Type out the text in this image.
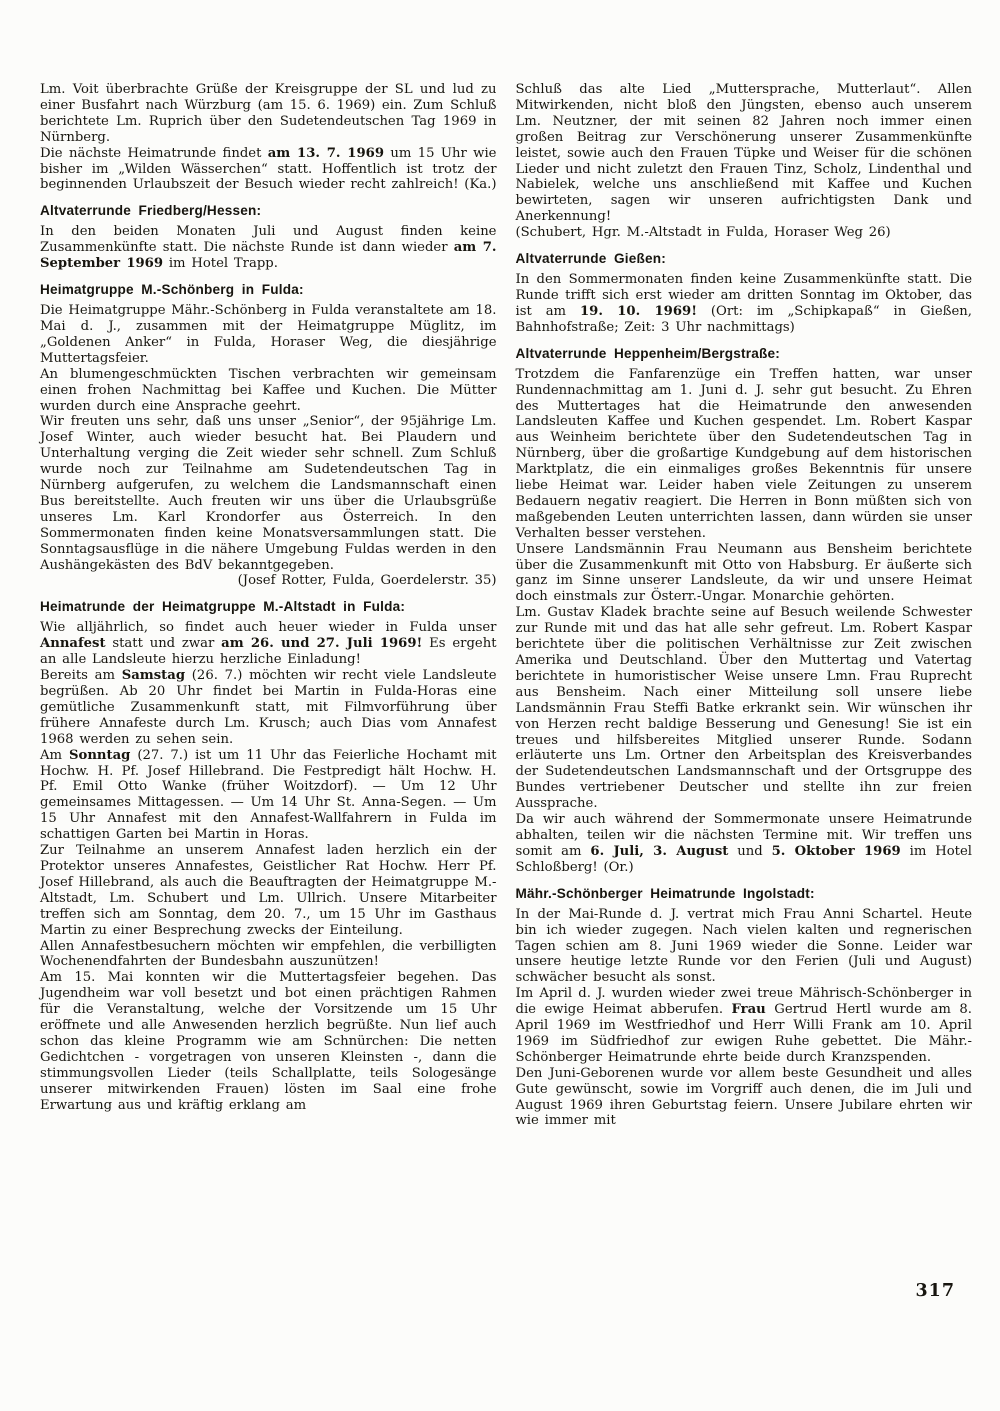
Lm. Voit überbrachte Grüße der Kreisgruppe der SL und lud zu einer Busfahrt nach Würzburg (am 15. 6. 1969) ein. Zum Schluß berichtete Lm. Ruprich über den Sudetendeutschen Tag 1969 in Nürnberg.

Die nächste Heimatrunde findet am 13. 7. 1969 um 15 Uhr wie bisher im „Wilden Wässerchen“ statt. Hoffentlich ist trotz der beginnenden Urlaubszeit der Besuch wieder recht zahlreich! (Ka.)

Altvaterrunde Friedberg/Hessen:

In den beiden Monaten Juli und August finden keine Zusammenkünfte statt. Die nächste Runde ist dann wieder am 7. September 1969 im Hotel Trapp.

Heimatgruppe M.-Schönberg in Fulda:

Die Heimatgruppe Mähr.-Schönberg in Fulda veranstaltete am 18. Mai d. J., zusammen mit der Heimatgruppe Müglitz, im „Goldenen Anker“ in Fulda, Horaser Weg, die diesjährige Muttertagsfeier.

An blumengeschmückten Tischen verbrachten wir gemeinsam einen frohen Nachmittag bei Kaffee und Kuchen. Die Mütter wurden durch eine Ansprache geehrt.

Wir freuten uns sehr, daß uns unser „Senior“, der 95jährige Lm. Josef Winter, auch wieder besucht hat. Bei Plaudern und Unterhaltung verging die Zeit wieder sehr schnell. Zum Schluß wurde noch zur Teilnahme am Sudetendeutschen Tag in Nürnberg aufgerufen, zu welchem die Landsmannschaft einen Bus bereitstellte. Auch freuten wir uns über die Urlaubsgrüße unseres Lm. Karl Krondorfer aus Österreich. In den Sommermonaten finden keine Monatsversammlungen statt. Die Sonntagsausflüge in die nähere Umgebung Fuldas werden in den Aushängekästen des BdV bekanntgegeben.

(Josef Rotter, Fulda, Goerdelerstr. 35)

Heimatrunde der Heimatgruppe M.-Altstadt in Fulda:

Wie alljährlich, so findet auch heuer wieder in Fulda unser Annafest statt und zwar am 26. und 27. Juli 1969! Es ergeht an alle Landsleute hierzu herzliche Einladung!

Bereits am Samstag (26. 7.) möchten wir recht viele Landsleute begrüßen. Ab 20 Uhr findet bei Martin in Fulda-Horas eine gemütliche Zusammenkunft statt, mit Filmvorführung über frühere Annafeste durch Lm. Krusch; auch Dias vom Annafest 1968 werden zu sehen sein.

Am Sonntag (27. 7.) ist um 11 Uhr das Feierliche Hochamt mit Hochw. H. Pf. Josef Hillebrand. Die Festpredigt hält Hochw. H. Pf. Emil Otto Wanke (früher Woitzdorf). — Um 12 Uhr gemeinsames Mittagessen. — Um 14 Uhr St. Anna-Segen. — Um 15 Uhr Annafest mit den Annafest-Wallfahrern in Fulda im schattigen Garten bei Martin in Horas.

Zur Teilnahme an unserem Annafest laden herzlich ein der Protektor unseres Annafestes, Geistlicher Rat Hochw. Herr Pf. Josef Hillebrand, als auch die Beauftragten der Heimatgruppe M.-Altstadt, Lm. Schubert und Lm. Ullrich. Unsere Mitarbeiter treffen sich am Sonntag, dem 20. 7., um 15 Uhr im Gasthaus Martin zu einer Besprechung zwecks der Einteilung.

Allen Annafestbesuchern möchten wir empfehlen, die verbilligten Wochenendfahrten der Bundesbahn auszunützen!

Am 15. Mai konnten wir die Muttertagsfeier begehen. Das Jugendheim war voll besetzt und bot einen prächtigen Rahmen für die Veranstaltung, welche der Vorsitzende um 15 Uhr eröffnete und alle Anwesenden herzlich begrüßte. Nun lief auch schon das kleine Programm wie am Schnürchen: Die netten Gedichtchen - vorgetragen von unseren Kleinsten -, dann die stimmungsvollen Lieder (teils Schallplatte, teils Sologesänge unserer mitwirkenden Frauen) lösten im Saal eine frohe Erwartung aus und kräftig erklang am

Schluß das alte Lied „Muttersprache, Mutterlaut“. Allen Mitwirkenden, nicht bloß den Jüngsten, ebenso auch unserem Lm. Neutzner, der mit seinen 82 Jahren noch immer einen großen Beitrag zur Verschönerung unserer Zusammenkünfte leistet, sowie auch den Frauen Tüpke und Weiser für die schönen Lieder und nicht zuletzt den Frauen Tinz, Scholz, Lindenthal und Nabielek, welche uns anschließend mit Kaffee und Kuchen bewirteten, sagen wir unseren aufrichtigsten Dank und Anerkennung!

(Schubert, Hgr. M.-Altstadt in Fulda, Horaser Weg 26)

Altvaterrunde Gießen:

In den Sommermonaten finden keine Zusammenkünfte statt. Die Runde trifft sich erst wieder am dritten Sonntag im Oktober, das ist am 19. 10. 1969! (Ort: im „Schipkapaß“ in Gießen, Bahnhofstraße; Zeit: 3 Uhr nachmittags)

Altvaterrunde Heppenheim/Bergstraße:

Trotzdem die Fanfarenzüge ein Treffen hatten, war unser Rundennachmittag am 1. Juni d. J. sehr gut besucht. Zu Ehren des Muttertages hat die Heimatrunde den anwesenden Landsleuten Kaffee und Kuchen gespendet. Lm. Robert Kaspar aus Weinheim berichtete über den Sudetendeutschen Tag in Nürnberg, über die großartige Kundgebung auf dem historischen Marktplatz, die ein einmaliges großes Bekenntnis für unsere liebe Heimat war. Leider haben viele Zeitungen zu unserem Bedauern negativ reagiert. Die Herren in Bonn müßten sich von maßgebenden Leuten unterrichten lassen, dann würden sie unser Verhalten besser verstehen.

Unsere Landsmännin Frau Neumann aus Bensheim berichtete über die Zusammenkunft mit Otto von Habsburg. Er äußerte sich ganz im Sinne unserer Landsleute, da wir und unsere Heimat doch einstmals zur Österr.-Ungar. Monarchie gehörten.

Lm. Gustav Kladek brachte seine auf Besuch weilende Schwester zur Runde mit und das hat alle sehr gefreut. Lm. Robert Kaspar berichtete über die politischen Verhältnisse zur Zeit zwischen Amerika und Deutschland. Über den Muttertag und Vatertag berichtete in humoristischer Weise unsere Lmn. Frau Ruprecht aus Bensheim. Nach einer Mitteilung soll unsere liebe Landsmännin Frau Steffi Batke erkrankt sein. Wir wünschen ihr von Herzen recht baldige Besserung und Genesung! Sie ist ein treues und hilfsbereites Mitglied unserer Runde. Sodann erläuterte uns Lm. Ortner den Arbeitsplan des Kreisverbandes der Sudetendeutschen Landsmannschaft und der Ortsgruppe des Bundes vertriebener Deutscher und stellte ihn zur freien Aussprache.

Da wir auch während der Sommermonate unsere Heimatrunde abhalten, teilen wir die nächsten Termine mit. Wir treffen uns somit am 6. Juli, 3. August und 5. Oktober 1969 im Hotel Schloßberg! (Or.)

Mähr.-Schönberger Heimatrunde Ingolstadt:

In der Mai-Runde d. J. vertrat mich Frau Anni Schartel. Heute bin ich wieder zugegen. Nach vielen kalten und regnerischen Tagen schien am 8. Juni 1969 wieder die Sonne. Leider war unsere heutige letzte Runde vor den Ferien (Juli und August) schwächer besucht als sonst.

Im April d. J. wurden wieder zwei treue Mährisch-Schönberger in die ewige Heimat abberufen. Frau Gertrud Hertl wurde am 8. April 1969 im Westfriedhof und Herr Willi Frank am 10. April 1969 im Südfriedhof zur ewigen Ruhe gebettet. Die Mähr.-Schönberger Heimatrunde ehrte beide durch Kranzspenden.

Den Juni-Geborenen wurde vor allem beste Gesundheit und alles Gute gewünscht, sowie im Vorgriff auch denen, die im Juli und August 1969 ihren Geburtstag feiern. Unsere Jubilare ehrten wir wie immer mit

317
